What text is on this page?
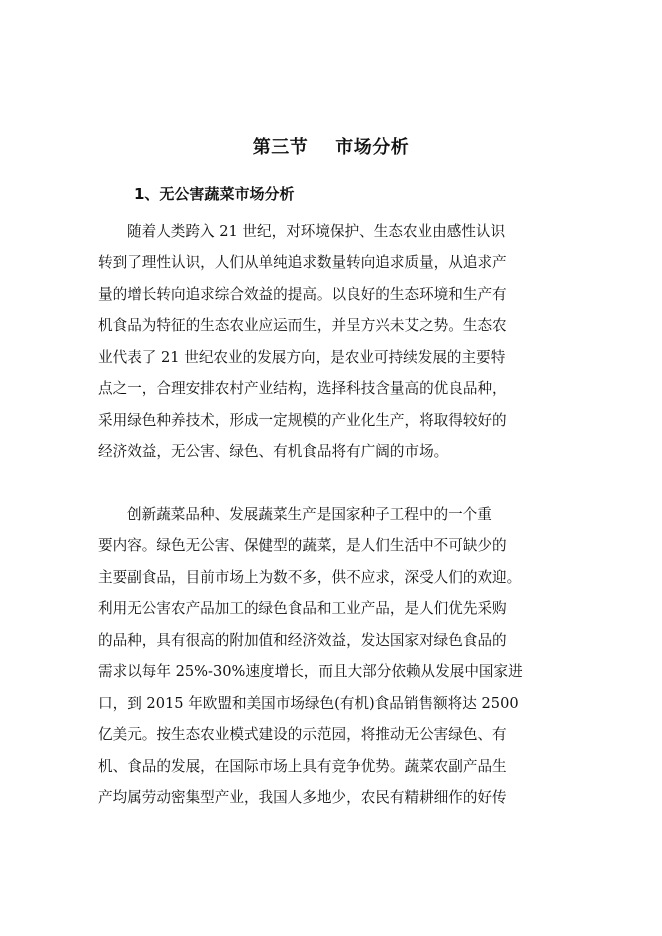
第三节    市场分析
1、无公害蔬菜市场分析

随着人类跨入 21 世纪，对环境保护、生态农业由感性认识

转到了理性认识，人们从单纯追求数量转向追求质量，从追求产

量的增长转向追求综合效益的提高。以良好的生态环境和生产有

机食品为特征的生态农业应运而生，并呈方兴未艾之势。生态农

业代表了 21 世纪农业的发展方向，是农业可持续发展的主要特

点之一，合理安排农村产业结构，选择科技含量高的优良品种，

采用绿色种养技术，形成一定规模的产业化生产，将取得较好的

经济效益，无公害、绿色、有机食品将有广阔的市场。

创新蔬菜品种、发展蔬菜生产是国家种子工程中的一个重

要内容。绿色无公害、保健型的蔬菜，是人们生活中不可缺少的

主要副食品，目前市场上为数不多，供不应求，深受人们的欢迎。

利用无公害农产品加工的绿色食品和工业产品，是人们优先采购

的品种，具有很高的附加值和经济效益，发达国家对绿色食品的

需求以每年 25%-30%速度增长，而且大部分依赖从发展中国家进

口，到 2015 年欧盟和美国市场绿色(有机)食品销售额将达 2500

亿美元。按生态农业模式建设的示范园，将推动无公害绿色、有

机、食品的发展，在国际市场上具有竞争优势。蔬菜农副产品生

产均属劳动密集型产业，我国人多地少，农民有精耕细作的好传
